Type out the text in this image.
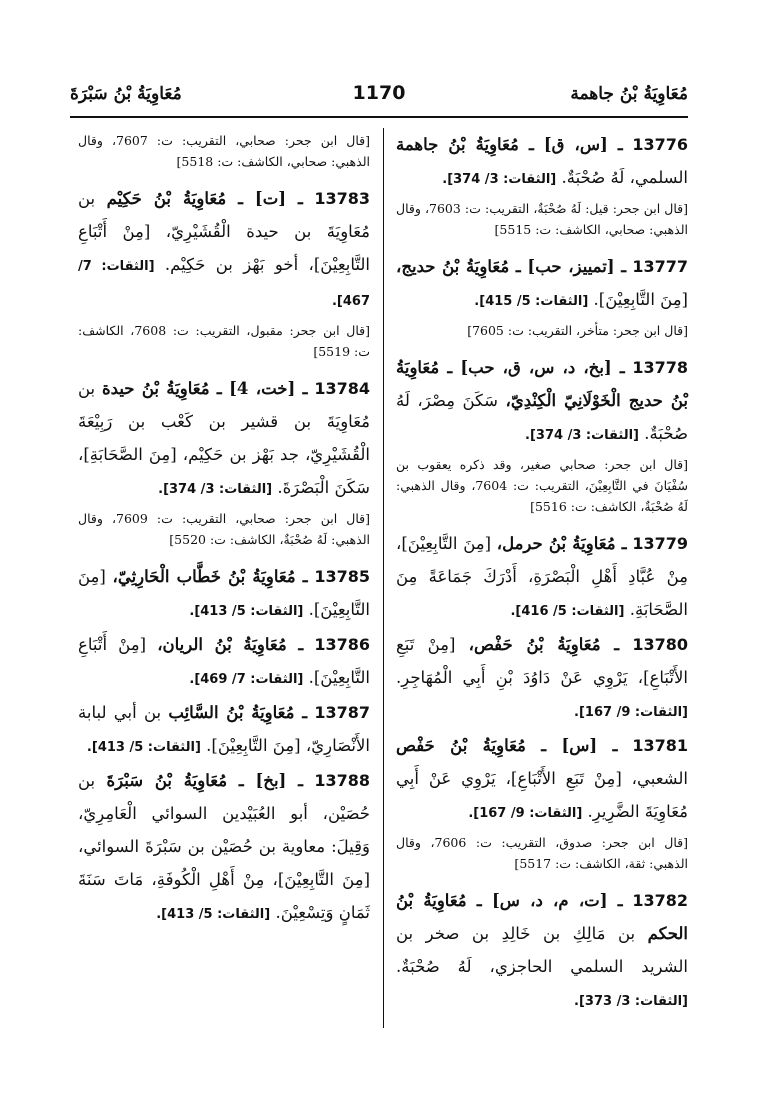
مُعَاوِيَةُ بْنُ جاهمة
1170
مُعَاوِيَةُ بْنُ سَبْرَةَ
13776 ـ [س، ق] ـ مُعَاوِيَةُ بْنُ جاهمة السلمي، لَهُ صُحْبَةٌ. [الثقات: 3/ 374].
[قال ابن جحر: قيل: لَهُ صُحْبَةٌ، التقريب: ت: 7603، وقال الذهبي: صحابي، الكاشف: ت: 5515]
13777 ـ [تمييز، حب] ـ مُعَاوِيَةُ بْنُ حديج، [مِنَ التَّابِعِيْنَ]. [الثقات: 5/ 415].
[قال ابن جحر: متأخر، التقريب: ت: 7605]
13778 ـ [بخ، د، س، ق، حب] ـ مُعَاوِيَةُ بْنُ حديج الْخَوْلَانِيّ الْكِنْدِيّ، سَكَنَ مِصْرَ، لَهُ صُحْبَةٌ. [الثقات: 3/ 374].
[قال ابن جحر: صحابي صغير، وقد ذكره يعقوب بن سُفْيَانَ في التَّابِعِيْنَ، التقريب: ت: 7604، وقال الذهبي: لَهُ صُحْبَةٌ، الكاشف: ت: 5516]
13779 ـ مُعَاوِيَةُ بْنُ حرمل، [مِنَ التَّابِعِيْنَ]، مِنْ عُبَّادِ أَهْلِ الْبَصْرَةِ، أَدْرَكَ جَمَاعَةً مِنَ الصَّحَابَةِ. [الثقات: 5/ 416].
13780 ـ مُعَاوِيَةُ بْنُ حَفْص، [مِنْ تَبَعِ الأَتْبَاعِ]، يَرْوِي عَنْ دَاوُدَ بْنِ أَبِي الْمُهَاجِرِ. [الثقات: 9/ 167].
13781 ـ [س] ـ مُعَاوِيَةُ بْنُ حَفْص الشعبي، [مِنْ تَبَعِ الأَتْبَاعِ]، يَرْوِي عَنْ أَبِي مُعَاوِيَةَ الضَّرِيرِ. [الثقات: 9/ 167].
[قال ابن جحر: صدوق، التقريب: ت: 7606، وقال الذهبي: ثقة، الكاشف: ت: 5517]
13782 ـ [ت، م، د، س] ـ مُعَاوِيَةُ بْنُ الحكم بن مَالِكِ بن خَالِدِ بن صخر بن الشريد السلمي الحاجزي، لَهُ صُحْبَةٌ. [الثقات: 3/ 373].
[قال ابن جحر: صحابي، التقريب: ت: 7607، وقال الذهبي: صحابي، الكاشف: ت: 5518]
13783 ـ [ت] ـ مُعَاوِيَةُ بْنُ حَكِيْم بن مُعَاوِيَةَ بن حيدة الْقُشَيْرِيّ، [مِنْ أَتْبَاعِ التَّابِعِيْنَ]، أخو بَهْز بن حَكِيْم. [الثقات: 7/ 467].
[قال ابن جحر: مقبول، التقريب: ت: 7608، الكاشف: ت: 5519]
13784 ـ [خت، 4] ـ مُعَاوِيَةُ بْنُ حيدة بن مُعَاوِيَةَ بن قشير بن كَعْب بن رَبِيْعَةَ الْقُشَيْرِيّ، جد بَهْز بن حَكِيْم، [مِنَ الصَّحَابَةِ]، سَكَنَ الْبَصْرَةَ. [الثقات: 3/ 374].
[قال ابن جحر: صحابي، التقريب: ت: 7609، وقال الذهبي: لَهُ صُحْبَةٌ، الكاشف: ت: 5520]
13785 ـ مُعَاوِيَةُ بْنُ خَطَّاب الْحَارِثِيّ، [مِنَ التَّابِعِيْنَ]. [الثقات: 5/ 413].
13786 ـ مُعَاوِيَةُ بْنُ الريان، [مِنْ أَتْبَاعِ التَّابِعِيْنَ]. [الثقات: 7/ 469].
13787 ـ مُعَاوِيَةُ بْنُ السَّائِب بن أبي لبابة الأَنْصَارِيّ، [مِنَ التَّابِعِيْنَ]. [الثقات: 5/ 413].
13788 ـ [بخ] ـ مُعَاوِيَةُ بْنُ سَبْرَةَ بن حُصَيْن، أبو العُبَيْدين السوائي الْعَامِرِيّ، وَقِيلَ: معاوية بن حُصَيْن بن سَبْرَةَ السوائي، [مِنَ التَّابِعِيْنَ]، مِنْ أَهْلِ الْكُوفَةِ، مَاتَ سَنَةَ ثَمَانٍ وَتِسْعِيْنَ. [الثقات: 5/ 413].
